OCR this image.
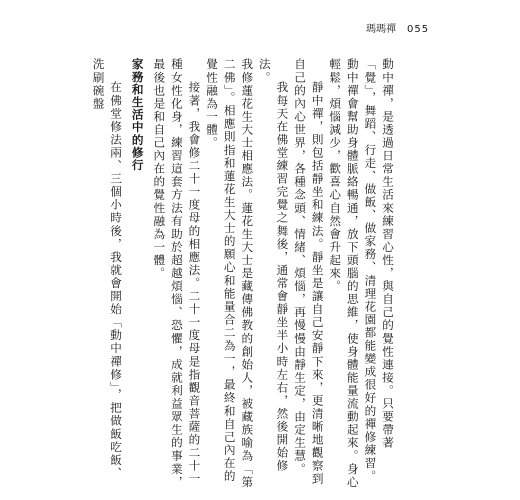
瑪瑪禪 055

動中禪，是透過日常生活來練習心性，與自己的覺性連接。只要帶著「覺」，舞蹈、行走、做飯、做家務、清理花園都能變成很好的禪修練習。動中禪會幫助身體脈絡暢通，放下頭腦的思維，使身體能量流動起來。身心輕鬆，煩惱減少，歡喜心自然會升起來。

靜中禪，則包括靜坐和練法。靜坐是讓自己安靜下來，更清晰地觀察到自己的內心世界，各種念頭、情緒、煩惱，再慢慢由靜生定，由定生慧。

我每天在佛堂練習完覺之舞後，通常會靜坐半小時左右，然後開始修法。

我修蓮花生大士相應法。蓮花生大士是藏傳佛教的創始人，被藏族喻為「第二佛」。相應則指和蓮花生大士的願心和能量合二為一，最終和自己內在的覺性融為一體。

接著，我會修二十一度母的相應法。二十一度母是指觀音菩薩的二十一種女性化身，練習這套方法有助於超越煩惱、恐懼，成就利益眾生的事業，最後也是和自己內在的覺性融為一體。

家務和生活中的修行

在佛堂修法兩、三個小時後，我就會開始「動中禪修」，把做飯吃飯、洗刷碗盤
